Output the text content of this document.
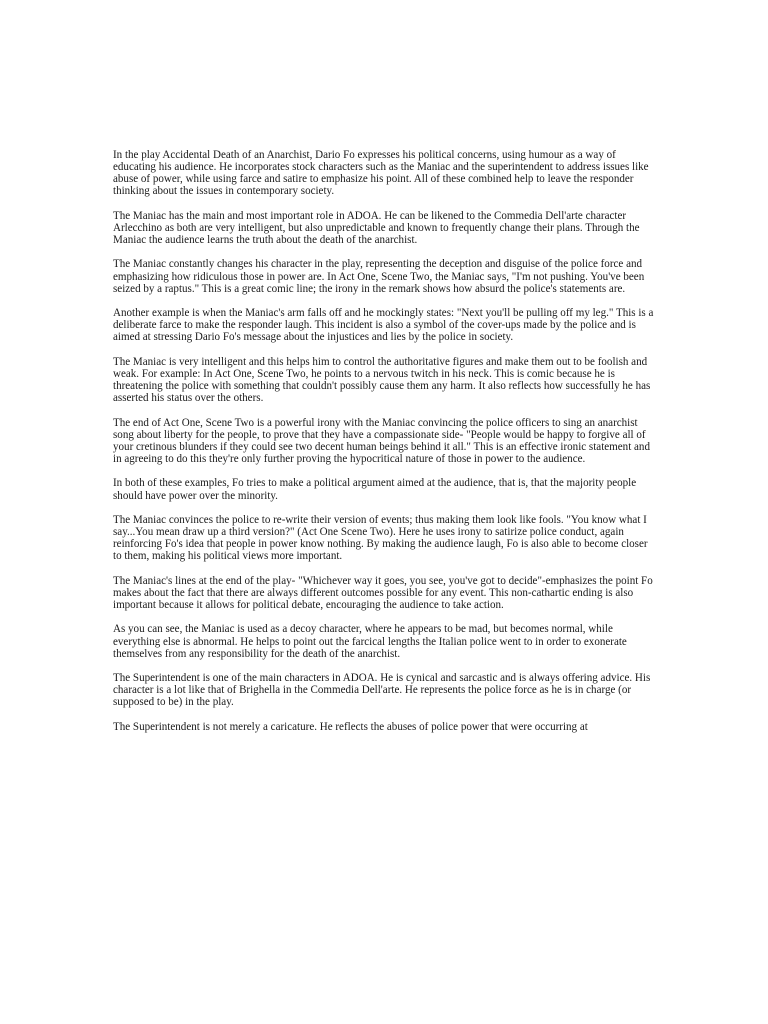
In the play Accidental Death of an Anarchist, Dario Fo expresses his political concerns, using humour as a way of educating his audience. He incorporates stock characters such as the Maniac and the superintendent to address issues like abuse of power, while using farce and satire to emphasize his point. All of these combined help to leave the responder thinking about the issues in contemporary society.

The Maniac has the main and most important role in ADOA. He can be likened to the Commedia Dell'arte character Arlecchino as both are very intelligent, but also unpredictable and known to frequently change their plans. Through the Maniac the audience learns the truth about the death of the anarchist.

The Maniac constantly changes his character in the play, representing the deception and disguise of the police force and emphasizing how ridiculous those in power are. In Act One, Scene Two, the Maniac says, "I'm not pushing. You've been seized by a raptus." This is a great comic line; the irony in the remark shows how absurd the police's statements are.

Another example is when the Maniac's arm falls off and he mockingly states: "Next you'll be pulling off my leg." This is a deliberate farce to make the responder laugh. This incident is also a symbol of the cover-ups made by the police and is aimed at stressing Dario Fo's message about the injustices and lies by the police in society.

The Maniac is very intelligent and this helps him to control the authoritative figures and make them out to be foolish and weak. For example: In Act One, Scene Two, he points to a nervous twitch in his neck. This is comic because he is threatening the police with something that couldn't possibly cause them any harm. It also reflects how successfully he has asserted his status over the others.

The end of Act One, Scene Two is a powerful irony with the Maniac convincing the police officers to sing an anarchist song about liberty for the people, to prove that they have a compassionate side- "People would be happy to forgive all of your cretinous blunders if they could see two decent human beings behind it all." This is an effective ironic statement and in agreeing to do this they're only further proving the hypocritical nature of those in power to the audience.

In both of these examples, Fo tries to make a political argument aimed at the audience, that is, that the majority people should have power over the minority.

The Maniac convinces the police to re-write their version of events; thus making them look like fools. "You know what I say...You mean draw up a third version?" (Act One Scene Two). Here he uses irony to satirize police conduct, again reinforcing Fo's idea that people in power know nothing. By making the audience laugh, Fo is also able to become closer to them, making his political views more important.

The Maniac's lines at the end of the play- "Whichever way it goes, you see, you've got to decide"-emphasizes the point Fo makes about the fact that there are always different outcomes possible for any event. This non-cathartic ending is also important because it allows for political debate, encouraging the audience to take action.

As you can see, the Maniac is used as a decoy character, where he appears to be mad, but becomes normal, while everything else is abnormal. He helps to point out the farcical lengths the Italian police went to in order to exonerate themselves from any responsibility for the death of the anarchist.

The Superintendent is one of the main characters in ADOA. He is cynical and sarcastic and is always offering advice. His character is a lot like that of Brighella in the Commedia Dell'arte. He represents the police force as he is in charge (or supposed to be) in the play.

The Superintendent is not merely a caricature. He reflects the abuses of police power that were occurring at
